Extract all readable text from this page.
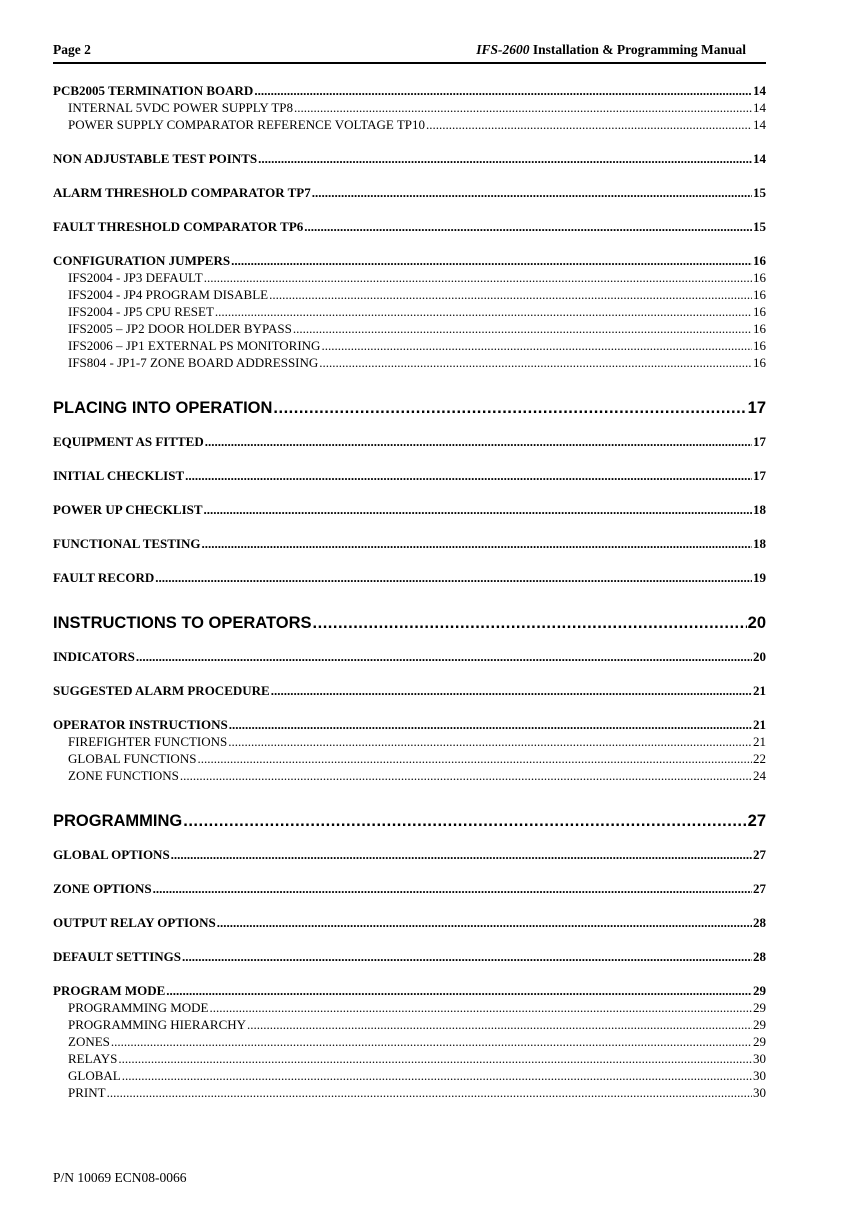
Page 2	IFS-2600 Installation & Programming Manual
PCB2005 TERMINATION BOARD .....	14
INTERNAL 5VDC POWER SUPPLY TP8 .....	14
POWER SUPPLY COMPARATOR REFERENCE VOLTAGE TP10 .....	14
NON ADJUSTABLE TEST POINTS .....	14
ALARM THRESHOLD COMPARATOR TP7 .....	15
FAULT THRESHOLD COMPARATOR TP6 .....	15
CONFIGURATION JUMPERS .....	16
IFS2004 - JP3 DEFAULT .....	16
IFS2004 - JP4 PROGRAM DISABLE .....	16
IFS2004 - JP5 CPU RESET .....	16
IFS2005 – JP2 DOOR HOLDER BYPASS .....	16
IFS2006 – JP1 EXTERNAL PS MONITORING .....	16
IFS804 - JP1-7 ZONE BOARD ADDRESSING .....	16
PLACING INTO OPERATION .....	17
EQUIPMENT AS FITTED .....	17
INITIAL CHECKLIST .....	17
POWER UP CHECKLIST .....	18
FUNCTIONAL TESTING .....	18
FAULT RECORD .....	19
INSTRUCTIONS TO OPERATORS .....	20
INDICATORS .....	20
SUGGESTED ALARM PROCEDURE .....	21
OPERATOR INSTRUCTIONS .....	21
FIREFIGHTER FUNCTIONS .....	21
GLOBAL FUNCTIONS .....	22
ZONE FUNCTIONS .....	24
PROGRAMMING .....	27
GLOBAL OPTIONS .....	27
ZONE OPTIONS .....	27
OUTPUT RELAY OPTIONS .....	28
DEFAULT SETTINGS .....	28
PROGRAM MODE .....	29
PROGRAMMING MODE .....	29
PROGRAMMING HIERARCHY .....	29
ZONES .....	29
RELAYS .....	30
GLOBAL .....	30
PRINT .....	30
P/N 10069 ECN08-0066
